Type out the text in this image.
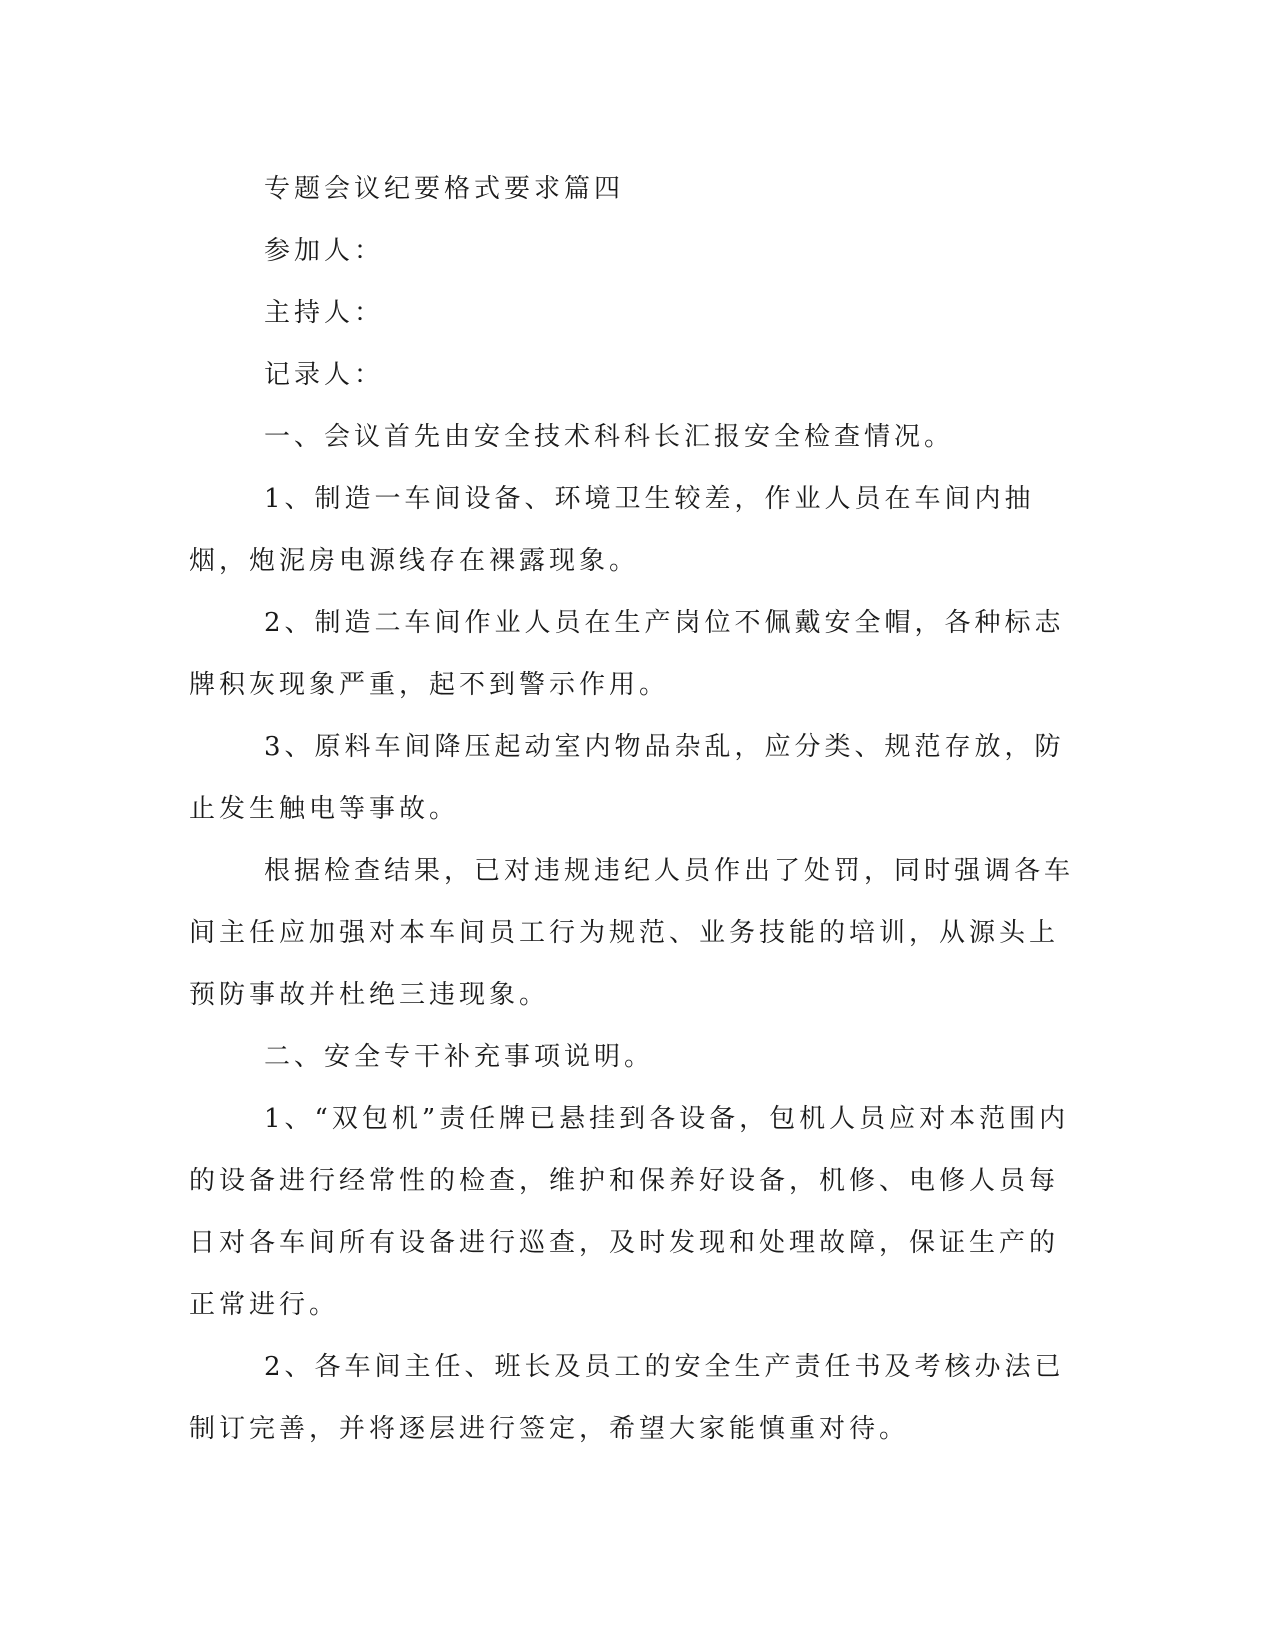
专题会议纪要格式要求篇四

参加人：

主持人：

记录人：

一、会议首先由安全技术科科长汇报安全检查情况。

1、制造一车间设备、环境卫生较差，作业人员在车间内抽烟，炮泥房电源线存在裸露现象。

2、制造二车间作业人员在生产岗位不佩戴安全帽，各种标志牌积灰现象严重，起不到警示作用。

3、原料车间降压起动室内物品杂乱，应分类、规范存放，防止发生触电等事故。

根据检查结果，已对违规违纪人员作出了处罚，同时强调各车间主任应加强对本车间员工行为规范、业务技能的培训，从源头上预防事故并杜绝三违现象。

二、安全专干补充事项说明。

1、“双包机”责任牌已悬挂到各设备，包机人员应对本范围内的设备进行经常性的检查，维护和保养好设备，机修、电修人员每日对各车间所有设备进行巡查，及时发现和处理故障，保证生产的正常进行。

2、各车间主任、班长及员工的安全生产责任书及考核办法已制订完善，并将逐层进行签定，希望大家能慎重对待。
